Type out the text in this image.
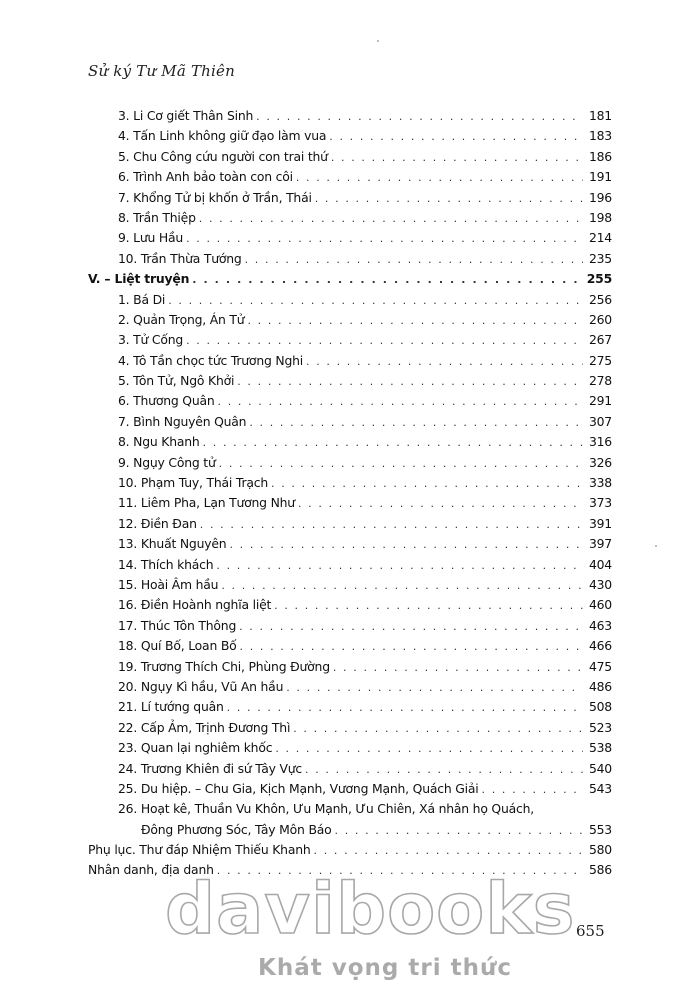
Sử ký Tư Mã Thiên
3. Li Cơ giết Thân Sinh . . .	181
4. Tấn Linh không giữ đạo làm vua . . .	183
5. Chu Công cứu người con trai thứ . . .	186
6. Trình Anh bảo toàn con côi . . .	191
7. Khổng Tử bị khốn ở Trần, Thái . . .	196
8. Trần Thiệp . . .	198
9. Lưu Hầu . . .	214
10. Trần Thừa Tướng . . .	235
V. – Liệt truyện . . .	255
1. Bá Di . . .	256
2. Quản Trọng, Án Tử . . .	260
3. Tử Cống . . .	267
4. Tô Tần chọc tức Trương Nghi . . .	275
5. Tôn Tử, Ngô Khởi . . .	278
6. Thương Quân . . .	291
7. Bình Nguyên Quân . . .	307
8. Ngu Khanh . . .	316
9. Ngụy Công tử . . .	326
10. Phạm Tuy, Thái Trạch . . .	338
11. Liêm Pha, Lạn Tương Như . . .	373
12. Điền Đan . . .	391
13. Khuất Nguyên . . .	397
14. Thích khách . . .	404
15. Hoài Âm hầu . . .	430
16. Điền Hoành nghĩa liệt . . .	460
17. Thúc Tôn Thông . . .	463
18. Quí Bố, Loan Bố . . .	466
19. Trương Thích Chi, Phùng Đường . . .	475
20. Ngụy Kì hầu, Vũ An hầu . . .	486
21. Lí tướng quân . . .	508
22. Cấp Ảm, Trịnh Đương Thì . . .	523
23. Quan lại nghiêm khốc . . .	538
24. Trương Khiên đi sứ Tây Vực . . .	540
25. Du hiệp. – Chu Gia, Kịch Mạnh, Vương Mạnh, Quách Giải . . .	543
26. Hoạt kê, Thuần Vu Khôn, Ưu Mạnh, Ưu Chiên, Xá nhân họ Quách,
Đông Phương Sóc, Tây Môn Báo . . .	553
Phụ lục. Thư đáp Nhiệm Thiếu Khanh . . .	580
Nhân danh, địa danh . . .	586
davibooks
Khát vọng tri thức
655
